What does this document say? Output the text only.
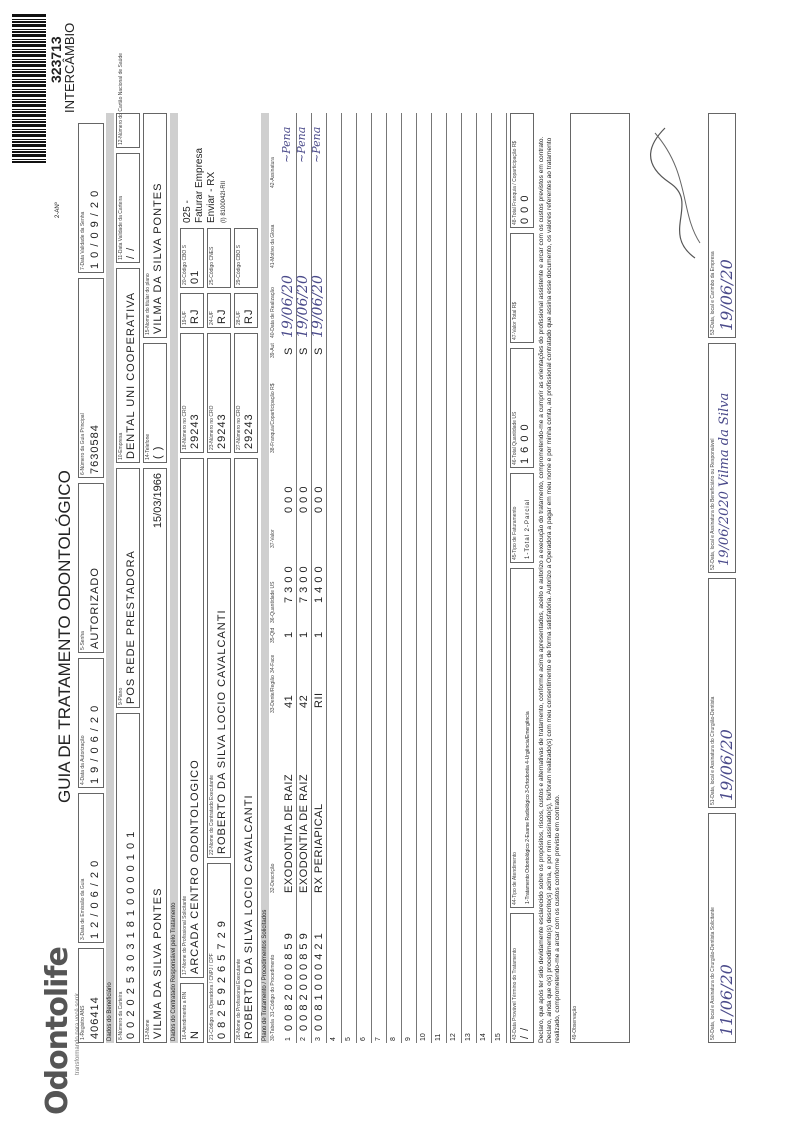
Odontolife transformando para você sorrir
GUIA DE TRATAMENTO ODONTOLÓGICO
2-ANº
323713
INTERCÂMBIO
1-Registro ANS 406414
3-Data de Emissão da Guia 1 2 / 0 6 / 2 0
4-Data da Autorização 1 9 / 0 6 / 2 0
5-Senha AUTORIZADO
6-Número da Guia Principal 7630584
7-Data Validade da Senha 1 0 / 0 9 / 2 0
Dados do Beneficiário 8-Número da Carteira 0 0 2 0 2 5 3 0 3 1 8 1 0 0 0 0 1 0 1
9-Plano POS REDE PRESTADORA
10-Empresa DENTAL UNI COOPERATIVA
11-Data Validade da Carteira / /
12-Número do Cartão Nacional de Saúde
13-Nome VILMA DA SILVA PONTES
15/03/1966
14-Telefone ( )
15-Nome do titular do plano VILMA DA SILVA PONTES
Dados do Contratado Responsável pelo Tratamento 16-Atendimento a RN N
17-Nome do Profissional Solicitante ARCADA CENTRO ODONTOLOGICO
18-Número no CRO 29243
19-UF RJ
20-Código CBO S 01
025 - Faturar Empresa Enviar - RX (I) 8100042I-RII
21-Código na Operadora / CNPJ / CPF 0 8 2 5 9 2 6 5 7 2 9
22-Nome do Contratado Executante ROBERTO DA SILVA LOCIO CAVALCANTI
23-Número no CRO 29243
24-UF RJ
25-Código CNES
26-Nome do Profissional Executante ROBERTO DA SILVA LOCIO CAVALCANTI
27-Número no CRO 29243
28-UF RJ
29-Código CBO S
Plano de Tratamento / Procedimentos Solicitados 30-Tabela
31-Código do Procedimento
32-Descrição
33-Dente/Região
34-Face
35-Qtd
36-Quantidade US
37-Valor
38-Franquia/Coparticipação R$
39-Aut
40-Data de Realização
41-Motivo da Glosa
42-Assinatura
1
0 0 8 2 0 0 0 8 5 9
EXODONTIA DE RAIZ
41
1
7 3 0 0
0 0 0
S
19/06/20
~Pena
2
0 0 8 2 0 0 0 8 5 9
EXODONTIA DE RAIZ
42
1
7 3 0 0
0 0 0
S
19/06/20
~Pena
3
0 0 8 1 0 0 0 4 2 1
RX PERIAPICAL
RII
1
1 4 0 0
0 0 0
S
19/06/20
~Pena
4 5 6 7 8 9 10 11 12 13 14 15 43-Data Provável Término do Tratamento / /
44-Tipo de Atendimento 1-Tratamento Odontológico 2-Exame Radiológico 3-Ortodontia 4-Urgência/Emergência
45-Tipo de Faturamento 1-Total 2-Parcial
46-Total Quantidade US 1 6 0 0
47-Valor Total R$
48-Total Franquia / Coparticipação R$ 0 0 0 Declaro, que após ter sido devidamente esclarecido sobre os propósitos, riscos, custos e alternativas de tratamento, conforme acima apresentados, aceito e autorizo a execução do tratamento, comprometendo-me a cumprir as orientações do profissional assistente e arcar com os custos previstos em contrato. Declaro, ainda que o(s) procedimento(s) descrito(s) acima, e por mim assinado(s), foi/foram realizado(s) com meu consentimento e de forma satisfatória. Autorizo a Operadora a pagar em meu nome e por minha conta, ao profissional contratado que assina esse documento, os valores referentes ao tratamento realizado, comprometendo-me a arcar com os custos conforme previsto em contrato. 49-Observação	50-Data, local e Assinatura do Cirurgião-Dentista Solicitante 11/06/20
51-Data, local e Assinatura do Cirurgião-Dentista 19/06/20
52-Data, local e Assinatura do Beneficiário ou Responsável 19/06/2020 Vilma da Silva
53-Data, local e Carimbo da Empresa 19/06/20
